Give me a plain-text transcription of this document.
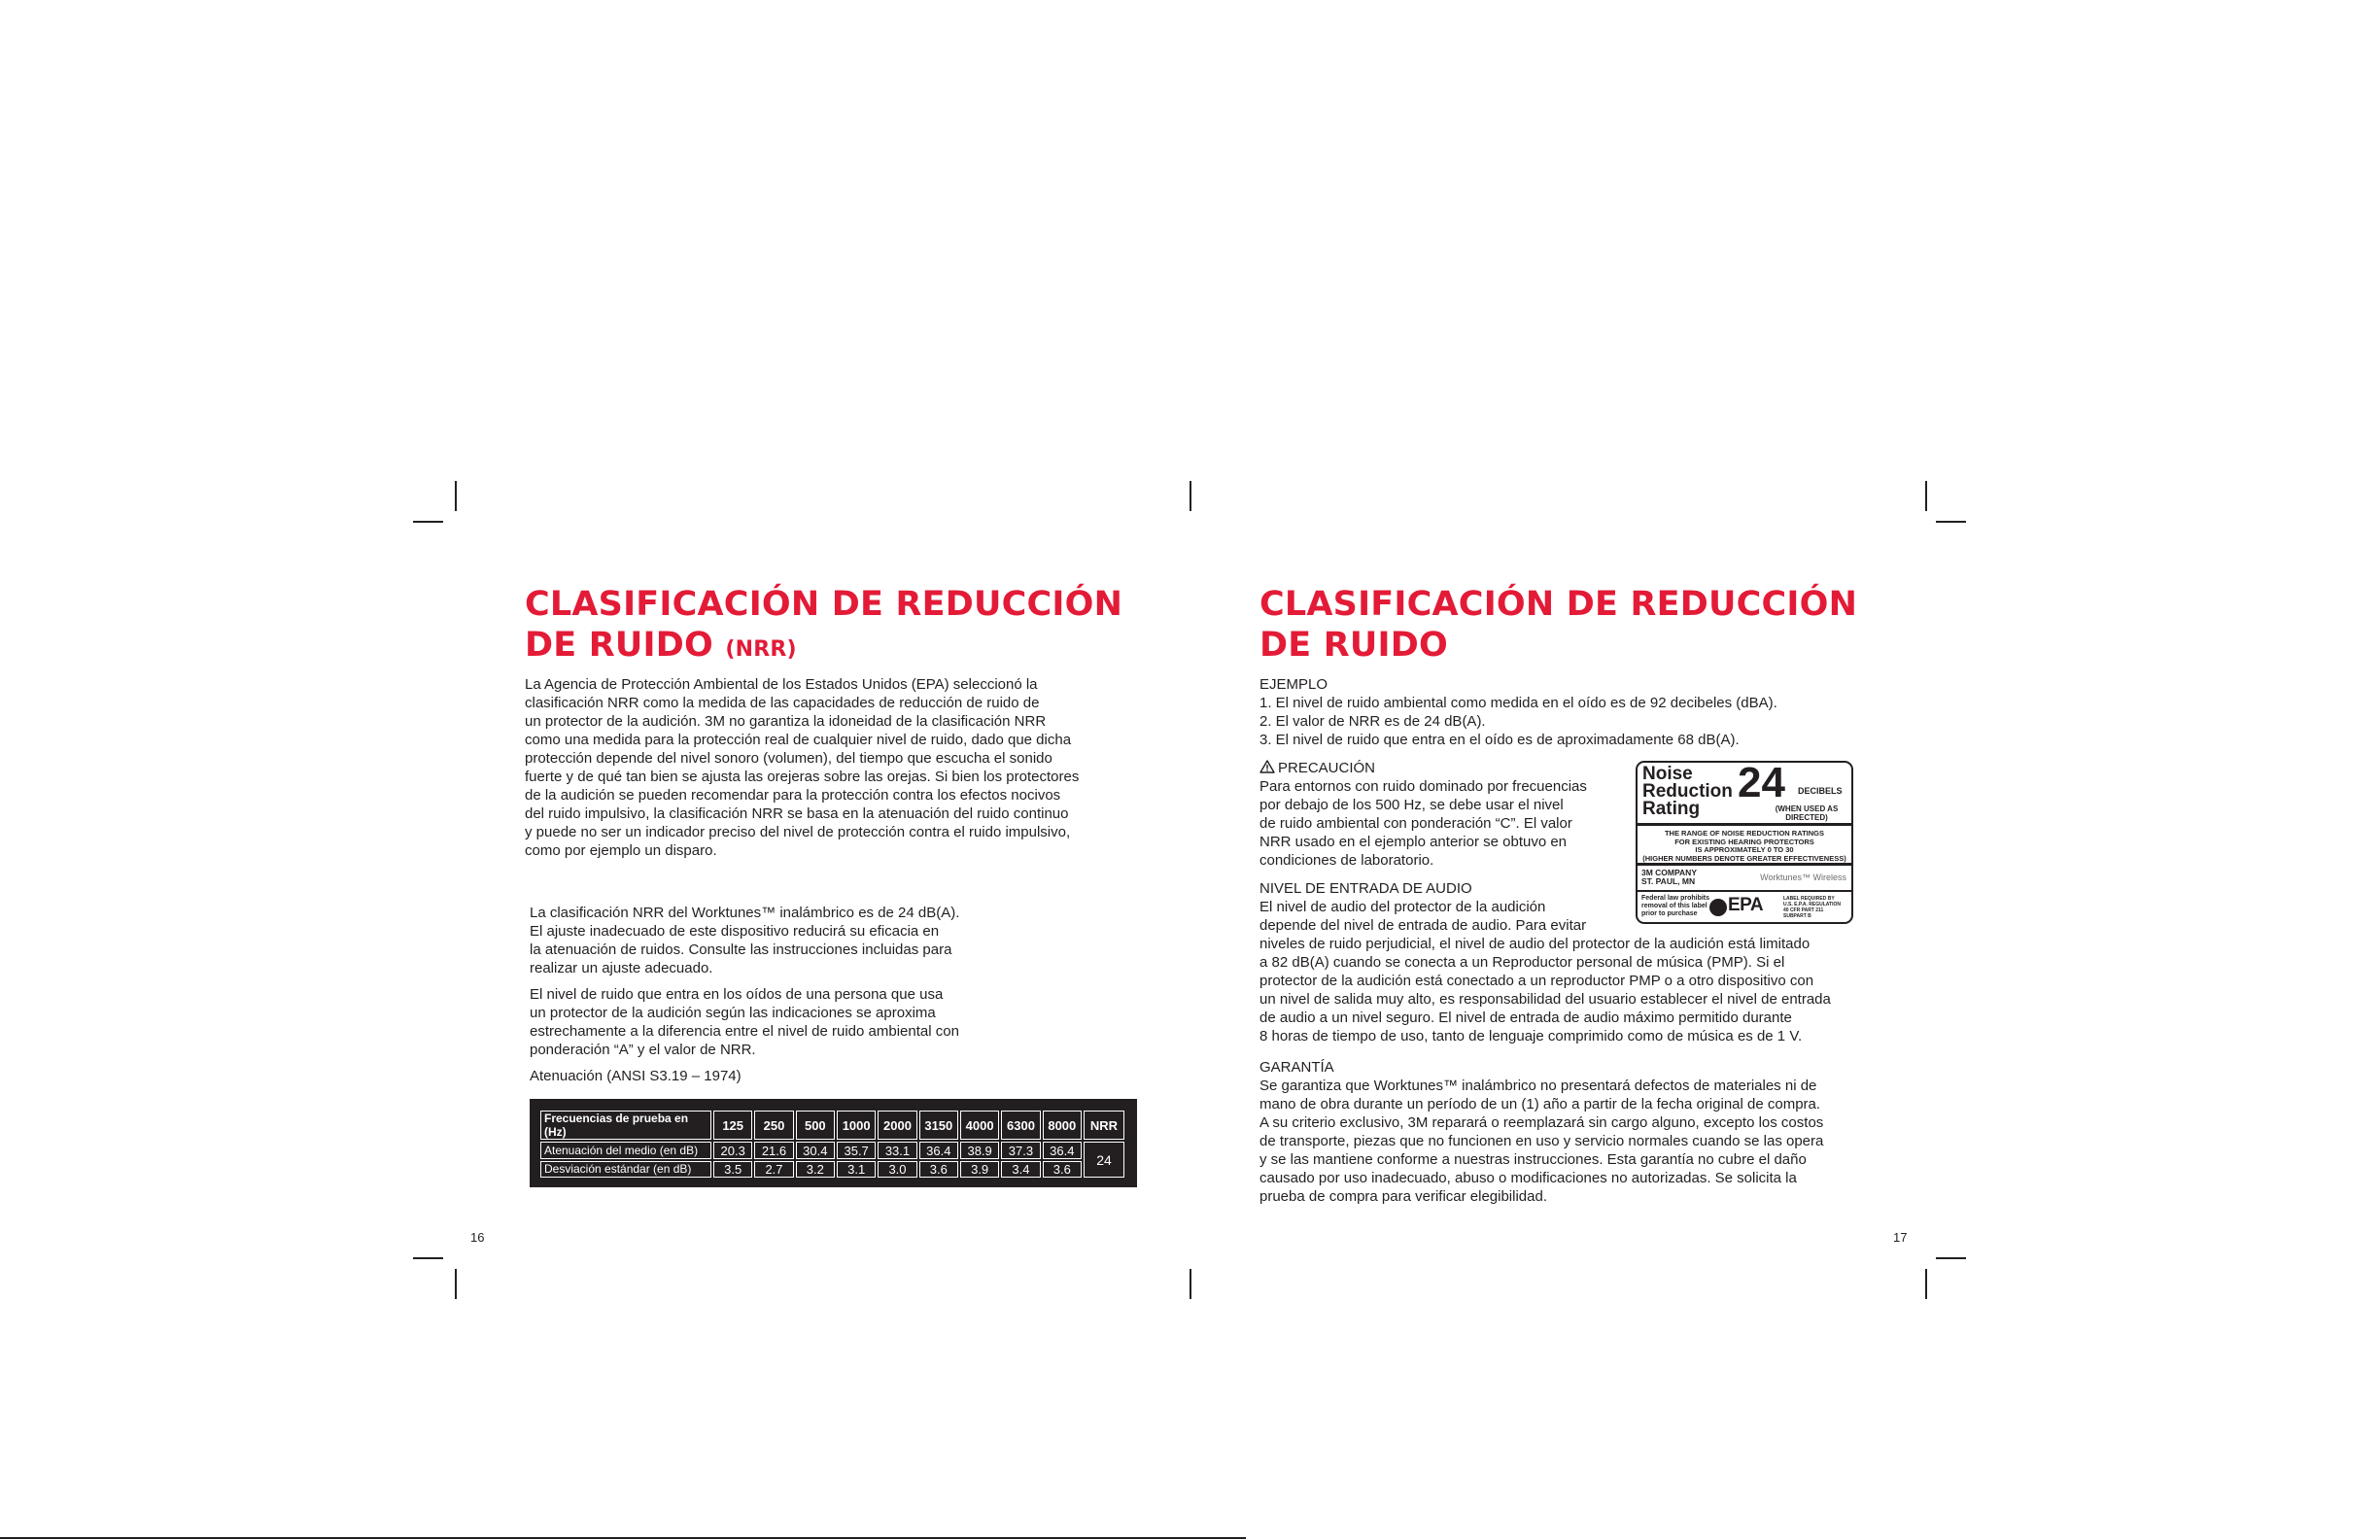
CLASIFICACIÓN DE REDUCCIÓN
DE RUIDO (NRR)

La Agencia de Protección Ambiental de los Estados Unidos (EPA) seleccionó la

clasificación NRR como la medida de las capacidades de reducción de ruido de

un protector de la audición. 3M no garantiza la idoneidad de la clasificación NRR

como una medida para la protección real de cualquier nivel de ruido, dado que dicha

protección depende del nivel sonoro (volumen), del tiempo que escucha el sonido

fuerte y de qué tan bien se ajusta las orejeras sobre las orejas. Si bien los protectores

de la audición se pueden recomendar para la protección contra los efectos nocivos

del ruido impulsivo, la clasificación NRR se basa en la atenuación del ruido continuo

y puede no ser un indicador preciso del nivel de protección contra el ruido impulsivo,

como por ejemplo un disparo.

La clasificación NRR del Worktunes™ inalámbrico es de 24 dB(A).

El ajuste inadecuado de este dispositivo reducirá su eficacia en

la atenuación de ruidos. Consulte las instrucciones incluidas para

realizar un ajuste adecuado.

El nivel de ruido que entra en los oídos de una persona que usa

un protector de la audición según las indicaciones se aproxima

estrechamente a la diferencia entre el nivel de ruido ambiental con

ponderación “A” y el valor de NRR.

Atenuación (ANSI S3.19 – 1974)

Frecuencias de prueba en (Hz)	125	250	500	1000	2000	3150	4000	6300	8000	NRR
Atenuación del medio (en dB)	20.3	21.6	30.4	35.7	33.1	36.4	38.9	37.3	36.4	24
Desviación estándar (en dB)	3.5	2.7	3.2	3.1	3.0	3.6	3.9	3.4	3.6	
16
CLASIFICACIÓN DE REDUCCIÓN
DE RUIDO

EJEMPLO

1. El nivel de ruido ambiental como medida en el oído es de 92 decibeles (dBA).

2. El valor de NRR es de 24 dB(A).

3. El nivel de ruido que entra en el oído es de aproximadamente 68 dB(A).

PRECAUCIÓN

Para entornos con ruido dominado por frecuencias

por debajo de los 500 Hz, se debe usar el nivel

de ruido ambiental con ponderación “C”. El valor

NRR usado en el ejemplo anterior se obtuvo en

condiciones de laboratorio.

NIVEL DE ENTRADA DE AUDIO

El nivel de audio del protector de la audición

depende del nivel de entrada de audio. Para evitar

niveles de ruido perjudicial, el nivel de audio del protector de la audición está limitado

a 82 dB(A) cuando se conecta a un Reproductor personal de música (PMP). Si el

protector de la audición está conectado a un reproductor PMP o a otro dispositivo con

un nivel de salida muy alto, es responsabilidad del usuario establecer el nivel de entrada

de audio a un nivel seguro. El nivel de entrada de audio máximo permitido durante

8 horas de tiempo de uso, tanto de lenguaje comprimido como de música es de 1 V.

GARANTÍA

Se garantiza que Worktunes™ inalámbrico no presentará defectos de materiales ni de

mano de obra durante un período de un (1) año a partir de la fecha original de compra.

A su criterio exclusivo, 3M reparará o reemplazará sin cargo alguno, excepto los costos

de transporte, piezas que no funcionen en uso y servicio normales cuando se las opera

y se las mantiene conforme a nuestras instrucciones. Esta garantía no cubre el daño

causado por uso inadecuado, abuso o modificaciones no autorizadas. Se solicita la

prueba de compra para verificar elegibilidad.

Noise
Reduction
Rating
24 DECIBELS
(WHEN USED AS DIRECTED)
THE RANGE OF NOISE REDUCTION RATINGS
FOR EXISTING HEARING PROTECTORS
IS APPROXIMATELY 0 TO 30
(HIGHER NUMBERS DENOTE GREATER EFFECTIVENESS)
3M COMPANY
ST. PAUL, MN	Worktunes™ Wireless
Federal law prohibits
removal of this label
prior to purchase	EPA	LABEL REQUIRED BY
U.S. E.P.A. REGULATION
40 CFR PART 211
SUBPART B
17
